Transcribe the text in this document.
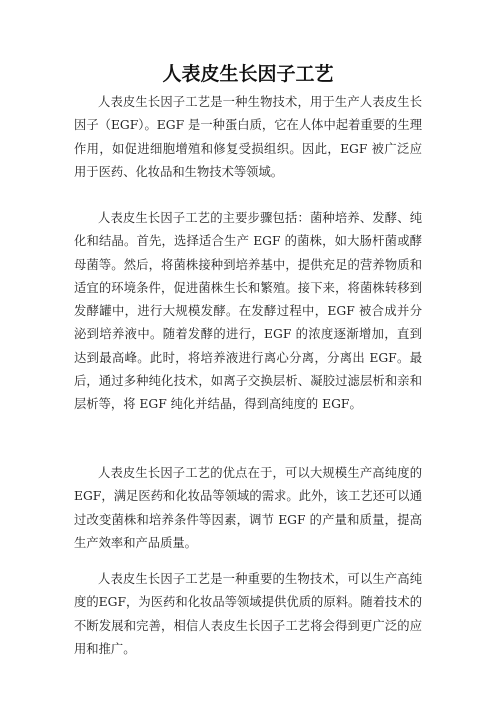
人表皮生长因子工艺

人表皮生长因子工艺是一种生物技术，用于生产人表皮生长因子（EGF）。EGF 是一种蛋白质，它在人体中起着重要的生理作用，如促进细胞增殖和修复受损组织。因此，EGF 被广泛应用于医药、化妆品和生物技术等领域。

人表皮生长因子工艺的主要步骤包括：菌种培养、发酵、纯化和结晶。首先，选择适合生产 EGF 的菌株，如大肠杆菌或酵母菌等。然后，将菌株接种到培养基中，提供充足的营养物质和适宜的环境条件，促进菌株生长和繁殖。接下来，将菌株转移到发酵罐中，进行大规模发酵。在发酵过程中，EGF 被合成并分泌到培养液中。随着发酵的进行，EGF 的浓度逐渐增加，直到达到最高峰。此时，将培养液进行离心分离，分离出 EGF。最后，通过多种纯化技术，如离子交换层析、凝胶过滤层析和亲和层析等，将 EGF 纯化并结晶，得到高纯度的 EGF。

人表皮生长因子工艺的优点在于，可以大规模生产高纯度的 EGF，满足医药和化妆品等领域的需求。此外，该工艺还可以通过改变菌株和培养条件等因素，调节 EGF 的产量和质量，提高生产效率和产品质量。

人表皮生长因子工艺是一种重要的生物技术，可以生产高纯度的EGF，为医药和化妆品等领域提供优质的原料。随着技术的不断发展和完善，相信人表皮生长因子工艺将会得到更广泛的应用和推广。
